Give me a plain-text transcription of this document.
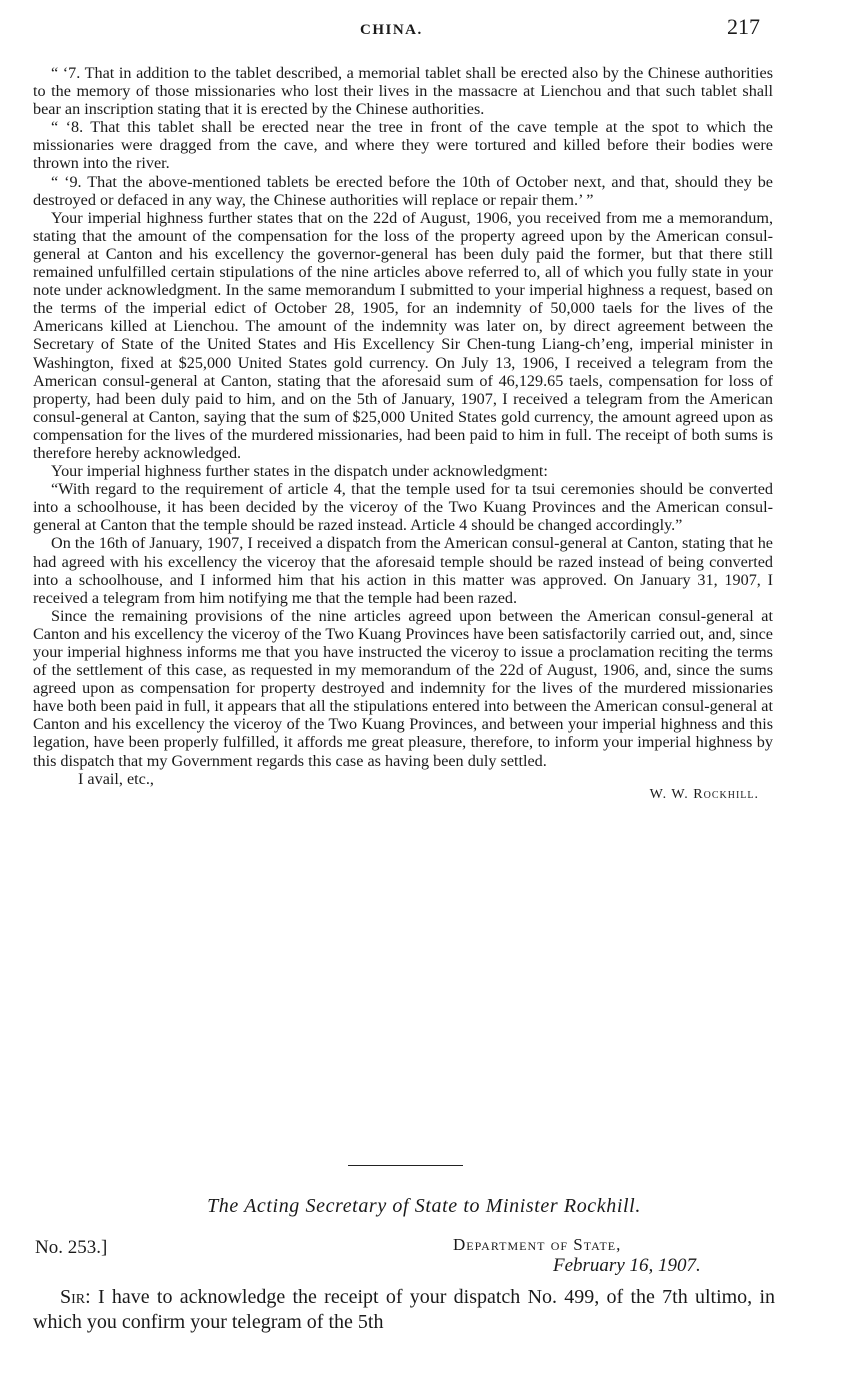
CHINA.	217

“ ‘7. That in addition to the tablet described, a memorial tablet shall be erected also by the Chinese authorities to the memory of those missionaries who lost their lives in the massacre at Lienchou and that such tablet shall bear an inscription stating that it is erected by the Chinese authorities.

“ ‘8. That this tablet shall be erected near the tree in front of the cave temple at the spot to which the missionaries were dragged from the cave, and where they were tortured and killed before their bodies were thrown into the river.

“ ‘9. That the above-mentioned tablets be erected before the 10th of October next, and that, should they be destroyed or defaced in any way, the Chinese authorities will replace or repair them.’ ”

Your imperial highness further states that on the 22d of August, 1906, you received from me a memorandum, stating that the amount of the compensation for the loss of the property agreed upon by the American consul-general at Canton and his excellency the governor-general has been duly paid the former, but that there still remained unfulfilled certain stipulations of the nine articles above referred to, all of which you fully state in your note under acknowledgment. In the same memorandum I submitted to your imperial highness a request, based on the terms of the imperial edict of October 28, 1905, for an indemnity of 50,000 taels for the lives of the Americans killed at Lienchou. The amount of the indemnity was later on, by direct agreement between the Secretary of State of the United States and His Excellency Sir Chen-tung Liang-ch’eng, imperial minister in Washington, fixed at $25,000 United States gold currency. On July 13, 1906, I received a telegram from the American consul-general at Canton, stating that the aforesaid sum of 46,129.65 taels, compensation for loss of property, had been duly paid to him, and on the 5th of January, 1907, I received a telegram from the American consul-general at Canton, saying that the sum of $25,000 United States gold currency, the amount agreed upon as compensation for the lives of the murdered missionaries, had been paid to him in full. The receipt of both sums is therefore hereby acknowledged.

Your imperial highness further states in the dispatch under acknowledgment:

“With regard to the requirement of article 4, that the temple used for ta tsui ceremonies should be converted into a schoolhouse, it has been decided by the viceroy of the Two Kuang Provinces and the American consul-general at Canton that the temple should be razed instead. Article 4 should be changed accordingly.”

On the 16th of January, 1907, I received a dispatch from the American consul-general at Canton, stating that he had agreed with his excellency the viceroy that the aforesaid temple should be razed instead of being converted into a schoolhouse, and I informed him that his action in this matter was approved. On January 31, 1907, I received a telegram from him notifying me that the temple had been razed.

Since the remaining provisions of the nine articles agreed upon between the American consul-general at Canton and his excellency the viceroy of the Two Kuang Provinces have been satisfactorily carried out, and, since your imperial highness informs me that you have instructed the viceroy to issue a proclamation reciting the terms of the settlement of this case, as requested in my memorandum of the 22d of August, 1906, and, since the sums agreed upon as compensation for property destroyed and indemnity for the lives of the murdered missionaries have both been paid in full, it appears that all the stipulations entered into between the American consul-general at Canton and his excellency the viceroy of the Two Kuang Provinces, and between your imperial highness and this legation, have been properly fulfilled, it affords me great pleasure, therefore, to inform your imperial highness by this dispatch that my Government regards this case as having been duly settled.

I avail, etc.,

W. W. Rockhill.
The Acting Secretary of State to Minister Rockhill.
No. 253.]	Department of State,
February 16, 1907.

Sir: I have to acknowledge the receipt of your dispatch No. 499, of the 7th ultimo, in which you confirm your telegram of the 5th
